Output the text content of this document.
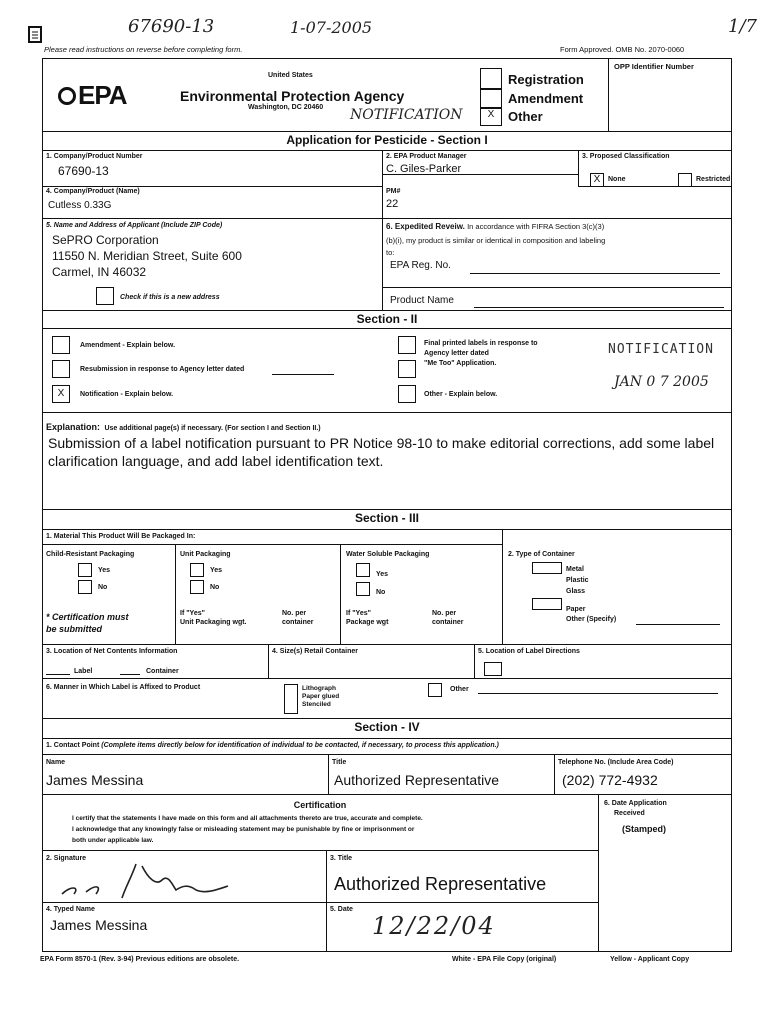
67690-13	1-07-2005	1/7
Please read instructions on reverse before completing form.	Form Approved. OMB No. 2070-0060
EPA
United States
Environmental Protection Agency
Washington, DC 20460 NOTIFICATION
Registration
Amendment
X	Other
OPP Identifier Number
Application for Pesticide - Section I
1. Company/Product Number
67690-13
2. EPA Product Manager
C. Giles-Parker
3. Proposed Classification
X	None	Restricted
4. Company/Product (Name)
Cutless 0.33G
PM#
22
5. Name and Address of Applicant (Include ZIP Code)
SePRO Corporation
11550 N. Meridian Street, Suite 600
Carmel, IN 46032
Check if this is a new address
6. Expedited Reveiw. In accordance with FIFRA Section 3(c)(3)
(b)(i), my product is similar or identical in composition and labeling
to:
EPA Reg. No.
Product Name
Section - II
Amendment - Explain below.
Resubmission in response to Agency letter dated
X	Notification - Explain below.
Final printed labels in response to
Agency letter dated
"Me Too" Application.
Other - Explain below.
NOTIFICATION
JAN 0 7 2005
Explanation: Use additional page(s) if necessary. (For section I and Section II.)
Submission of a label notification pursuant to PR Notice 98-10 to make editorial corrections, add some label clarification language, and add label identification text.
Section - III
1. Material This Product Will Be Packaged In:
Child-Resistant Packaging
Yes
No
* Certification must
be submitted
Unit Packaging
Yes
No
If "Yes"
Unit Packaging wgt.
No. per
container
Water Soluble Packaging
Yes
No
If "Yes"
Package wgt
No. per
container
2. Type of Container
Metal
Plastic
Glass
Paper
Other (Specify)
3. Location of Net Contents Information
Label	Container
4. Size(s) Retail Container	5. Location of Label Directions
6. Manner in Which Label is Affixed to Product	Lithograph
Paper glued
Stenciled
Other
Section - IV
1. Contact Point (Complete items directly below for identification of individual to be contacted, if necessary, to process this application.)
Name
James Messina
Title
Authorized Representative
Telephone No. (Include Area Code)
(202) 772-4932
Certification
I certify that the statements I have made on this form and all attachments thereto are true, accurate and complete.
I acknowledge that any knowingly false or misleading statement may be punishable by fine or imprisonment or
both under applicable law.
6. Date Application
Received
(Stamped)
2. Signature	3. Title
Authorized Representative
4. Typed Name
James Messina
5. Date
12/22/04
EPA Form 8570-1 (Rev. 3-94) Previous editions are obsolete.	White - EPA File Copy (original)	Yellow - Applicant Copy
